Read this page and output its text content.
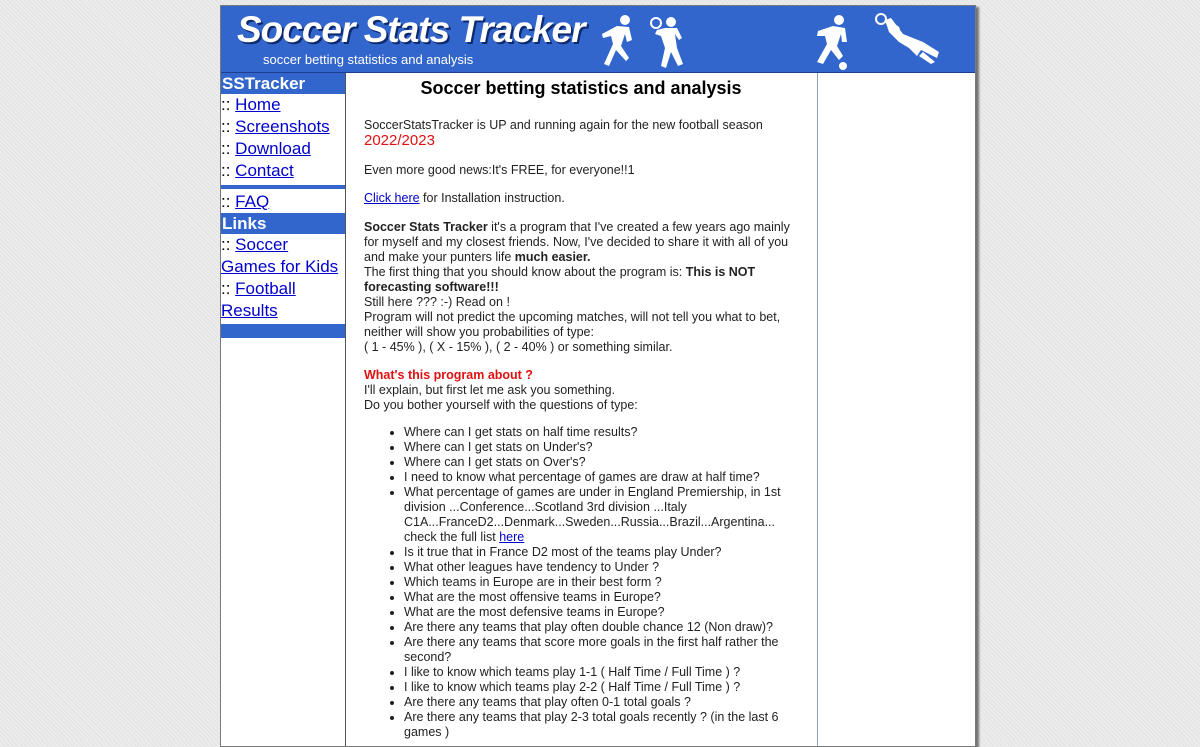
Soccer Stats Tracker
soccer betting statistics and analysis
SSTracker
:: Home
:: Screenshots
:: Download
:: Contact
:: FAQ
Links
:: Soccer Games for Kids
:: Football Results
Soccer betting statistics and analysis

SoccerStatsTracker is UP and running again for the new football season
2022/2023

Even more good news:It's FREE, for everyone!!1

Click here for Installation instruction.

Soccer Stats Tracker it's a program that I've created a few years ago mainly for myself and my closest friends. Now, I've decided to share it with all of you and make your punters life much easier.
The first thing that you should know about the program is: This is NOT forecasting software!!!
Still here ??? :-) Read on !
Program will not predict the upcoming matches, will not tell you what to bet, neither will show you probabilities of type:
( 1 - 45% ), ( X - 15% ), ( 2 - 40% ) or something similar.

What's this program about ?
I'll explain, but first let me ask you something.
Do you bother yourself with the questions of type:

• Where can I get stats on half time results?
• Where can I get stats on Under's?
• Where can I get stats on Over's?
• I need to know what percentage of games are draw at half time?
• What percentage of games are under in England Premiership, in 1st division ...Conference...Scotland 3rd division ...Italy C1A...FranceD2...Denmark...Sweden...Russia...Brazil...Argentina... check the full list here
• Is it true that in France D2 most of the teams play Under?
• What other leagues have tendency to Under ?
• Which teams in Europe are in their best form ?
• What are the most offensive teams in Europe?
• What are the most defensive teams in Europe?
• Are there any teams that play often double chance 12 (Non draw)?
• Are there any teams that score more goals in the first half rather the second?
• I like to know which teams play 1-1 ( Half Time / Full Time ) ?
• I like to know which teams play 2-2 ( Half Time / Full Time ) ?
• Are there any teams that play often 0-1 total goals ?
• Are there any teams that play 2-3 total goals recently ? (in the last 6 games )
